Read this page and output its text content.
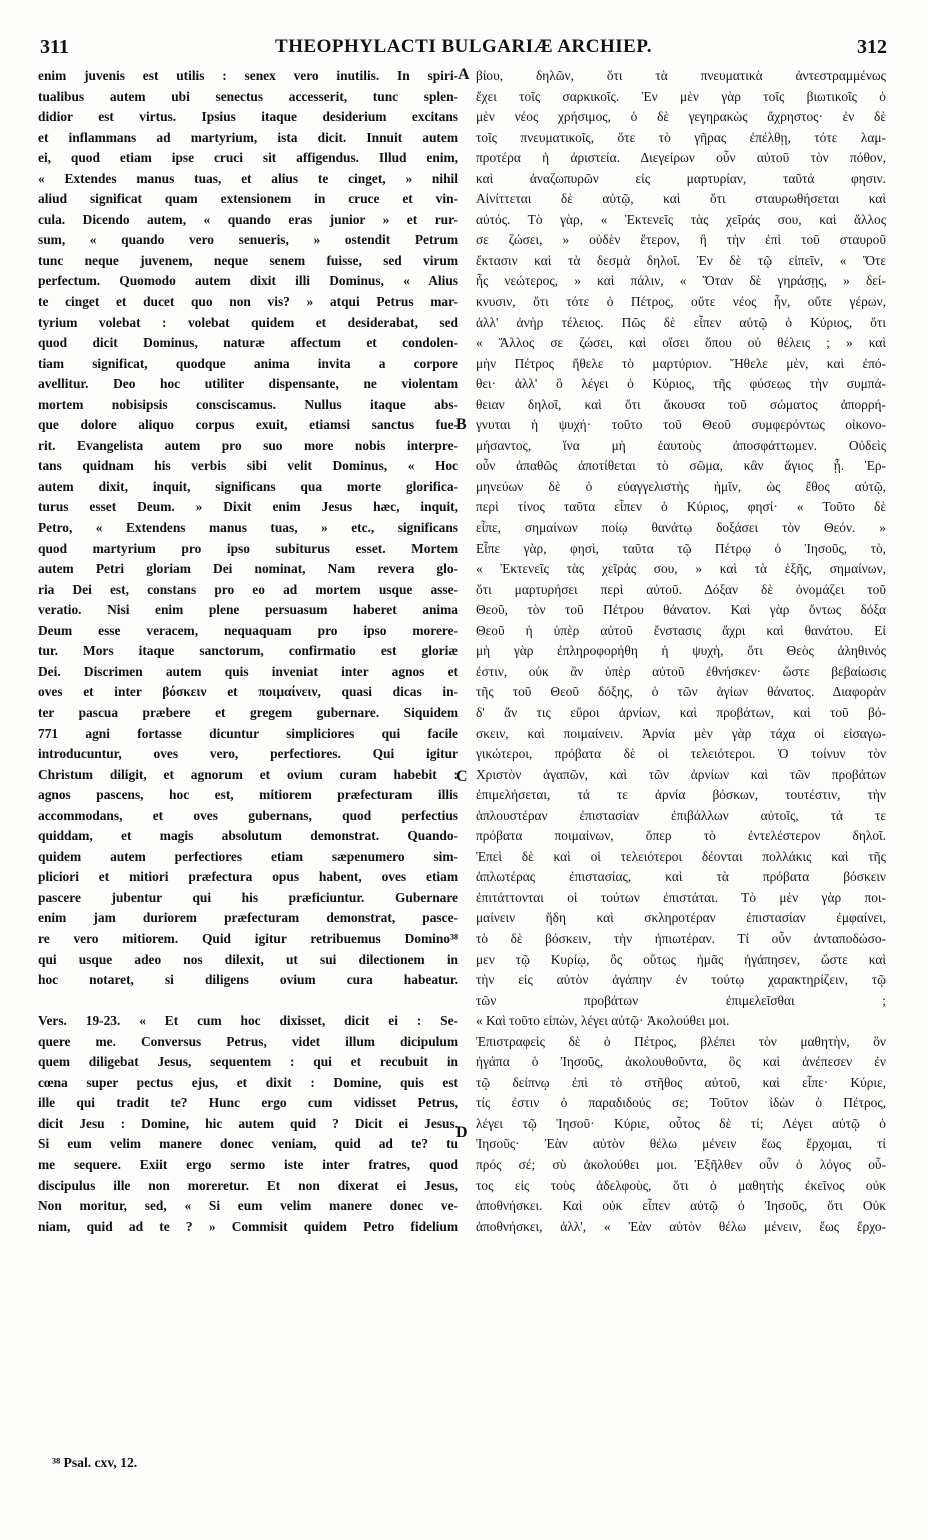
311	THEOPHYLACTI BULGARIÆ ARCHIEP.	312
enim juvenis est utilis : senex vero inutilis. In spiri-
tualibus autem ubi senectus accesserit, tunc splen-
didior est virtus. Ipsius itaque desiderium excitans
et inflammans ad martyrium, ista dicit. Innuit autem
ei, quod etiam ipse cruci sit affigendus. Illud enim,
« Extendes manus tuas, et alius te cinget, » nihil
aliud significat quam extensionem in cruce et vin-
cula. Dicendo autem, « quando eras junior » et rur-
sum, « quando vero senueris, » ostendit Petrum
tunc neque juvenem, neque senem fuisse, sed virum
perfectum. Quomodo autem dixit illi Dominus, « Alius
te cinget et ducet quo non vis? » atqui Petrus mar-
tyrium volebat : volebat quidem et desiderabat, sed
quod dicit Dominus, naturæ affectum et condolen-
tiam significat, quodque anima invita a corpore
avellitur. Deo hoc utiliter dispensante, ne violentam
mortem nobisipsis consciscamus. Nullus itaque abs-
que dolore aliquo corpus exuit, etiamsi sanctus fue-
rit. Evangelista autem pro suo more nobis interpre-
tans quidnam his verbis sibi velit Dominus, « Hoc
autem dixit, inquit, significans qua morte glorifica-
turus esset Deum. » Dixit enim Jesus hæc, inquit,
Petro, « Extendens manus tuas, » etc., significans
quod martyrium pro ipso subiturus esset. Mortem
autem Petri gloriam Dei nominat, Nam revera glo-
ria Dei est, constans pro eo ad mortem usque asse-
veratio. Nisi enim plene persuasum haberet anima
Deum esse veracem, nequaquam pro ipso morere-
tur. Mors itaque sanctorum, confirmatio est gloriæ
Dei. Discrimen autem quis inveniat inter agnos et
oves et inter βόσκειν et ποιμαίνειν, quasi dicas in-
ter pascua præbere et gregem gubernare. Siquidem
771 agni fortasse dicuntur simpliciores qui facile
introducuntur, oves vero, perfectiores. Qui igitur
Christum diligit, et agnorum et ovium curam habebit :
agnos pascens, hoc est, mitiorem præfecturam illis
accommodans, et oves gubernans, quod perfectius
quiddam, et magis absolutum demonstrat. Quando-
quidem autem perfectiores etiam sæpenumero sim-
pliciori et mitiori præfectura opus habent, oves etiam
pascere jubentur qui his præficiuntur. Gubernare
enim jam duriorem præfecturam demonstrat, pasce-
re vero mitiorem. Quid igitur retribuemus Domino³⁸
qui usque adeo nos dilexit, ut sui dilectionem in
hoc notaret, si diligens ovium cura habeatur.
Vers. 19-23. « Et cum hoc dixisset, dicit ei : Se-
quere me. Conversus Petrus, videt illum dicipulum
quem diligebat Jesus, sequentem : qui et recubuit in
cœna super pectus ejus, et dixit : Domine, quis est
ille qui tradit te? Hunc ergo cum vidisset Petrus,
dicit Jesu : Domine, hic autem quid ? Dicit ei Jesus.
Si eum velim manere donec veniam, quid ad te? tu
me sequere. Exiit ergo sermo iste inter fratres, quod
discipulus ille non moreretur. Et non dixerat ei Jesus,
Non moritur, sed, « Si eum velim manere donec ve-
niam, quid ad te ? » Commisit quidem Petro fidelium
βίου, δηλῶν, ὅτι τὰ πνευματικὰ ἀντεστραμμένως
ἔχει τοῖς σαρκικοῖς. Ἐν μὲν γὰρ τοῖς βιωτικοῖς ὁ
μὲν νέος χρήσιμος, ὁ δὲ γεγηρακὼς ἄχρηστος· ἐν δὲ
τοῖς πνευματικοῖς, ὅτε τὸ γῆρας ἐπέλθῃ, τότε λαμ-
προτέρα ἡ ἀριστεία. Διεγείρων οὖν αὐτοῦ τὸν πόθον,
καὶ ἀναζωπυρῶν εἰς μαρτυρίαν, ταῦτά φησιν.
Αἰνίττεται δὲ αὐτῷ, καὶ ὅτι σταυρωθήσεται καὶ
αὐτός. Τὸ γὰρ, « Ἐκτενεῖς τὰς χεῖράς σου, καὶ ἄλλος
σε ζώσει, » οὐδὲν ἕτερον, ἢ τὴν ἐπὶ τοῦ σταυροῦ
ἔκτασιν καὶ τὰ δεσμὰ δηλοῖ. Ἐν δὲ τῷ εἰπεῖν, « Ὅτε
ἦς νεώτερος, » καὶ πάλιν, « Ὅταν δὲ γηράσῃς, » δεί-
κνυσιν, ὅτι τότε ὁ Πέτρος, οὔτε νέος ἦν, οὔτε γέρων,
ἀλλ' ἀνὴρ τέλειος. Πῶς δὲ εἶπεν αὐτῷ ὁ Κύριος, ὅτι
« Ἄλλος σε ζώσει, καὶ οἴσει ὅπου οὐ θέλεις ; » καὶ
μὴν Πέτρος ἤθελε τὸ μαρτύριον. Ἤθελε μὲν, καὶ ἐπό-
θει· ἀλλ' ὃ λέγει ὁ Κύριος, τῆς φύσεως τὴν συμπά-
θειαν δηλοῖ, καὶ ὅτι ἄκουσα τοῦ σώματος ἀπορρή-
γνυται ἡ ψυχή· τοῦτο τοῦ Θεοῦ συμφερόντως οἰκονο-
μήσαντος, ἵνα μὴ ἑαυτοὺς ἀποσφάττωμεν. Οὐδεὶς
οὖν ἀπαθῶς ἀποτίθεται τὸ σῶμα, κἂν ἅγιος ᾖ. Ἑρ-
μηνεύων δὲ ὁ εὐαγγελιστὴς ἡμῖν, ὡς ἔθος αὐτῷ,
περὶ τίνος ταῦτα εἶπεν ὁ Κύριος, φησί· « Τοῦτο δὲ
εἶπε, σημαίνων ποίῳ θανάτῳ δοξάσει τὸν Θεόν. »
Εἶπε γὰρ, φησὶ, ταῦτα τῷ Πέτρῳ ὁ Ἰησοῦς, τὸ,
« Ἐκτενεῖς τὰς χεῖράς σου, » καὶ τὰ ἑξῆς, σημαίνων,
ὅτι μαρτυρήσει περὶ αὐτοῦ. Δόξαν δὲ ὀνομάζει τοῦ
Θεοῦ, τὸν τοῦ Πέτρου θάνατον. Καὶ γὰρ ὄντως δόξα
Θεοῦ ἡ ὑπὲρ αὐτοῦ ἔνστασις ἄχρι καὶ θανάτου. Εἰ
μὴ γὰρ ἐπληροφορήθη ἡ ψυχὴ, ὅτι Θεὸς ἀληθινός
ἐστιν, οὐκ ἂν ὑπὲρ αὐτοῦ ἐθνήσκεν· ὥστε βεβαίωσις
τῆς τοῦ Θεοῦ δόξης, ὁ τῶν ἁγίων θάνατος. Διαφορὰν
δ' ἄν τις εὕροι ἀρνίων, καὶ προβάτων, καὶ τοῦ βό-
σκειν, καὶ ποιμαίνειν. Ἀρνία μὲν γὰρ τάχα οἱ εἰσαγω-
γικώτεροι, πρόβατα δὲ οἱ τελειότεροι. Ὁ τοίνυν τὸν
Χριστὸν ἀγαπῶν, καὶ τῶν ἀρνίων καὶ τῶν προβάτων
ἐπιμελήσεται, τά τε ἀρνία βόσκων, τουτέστιν, τὴν
ἁπλουστέραν ἐπιστασίαν ἐπιβάλλων αὐτοῖς, τά τε
πρόβατα ποιμαίνων, ὅπερ τὸ ἐντελέστερον δηλοῖ.
Ἐπεὶ δὲ καὶ οἱ τελειότεροι δέονται πολλάκις καὶ τῆς
ἁπλωτέρας ἐπιστασίας, καὶ τὰ πρόβατα βόσκειν
ἐπιτάττονται οἱ τούτων ἐπιστάται. Τὸ μὲν γὰρ ποι-
μαίνειν ἤδη καὶ σκληροτέραν ἐπιστασίαν ἐμφαίνει,
τὸ δὲ βόσκειν, τὴν ἠπιωτέραν. Τί οὖν ἀνταποδώσο-
μεν τῷ Κυρίῳ, ὃς οὕτως ἡμᾶς ἠγάπησεν, ὥστε καὶ
τὴν εἰς αὐτὸν ἀγάπην ἐν τούτῳ χαρακτηρίζειν, τῷ
τῶν προβάτων ἐπιμελεῖσθαι ;
« Καὶ τοῦτο εἰπὼν, λέγει αὐτῷ· Ἀκολούθει μοι.
Ἐπιστραφεὶς δὲ ὁ Πέτρος, βλέπει τὸν μαθητὴν, ὃν
ἠγάπα ὁ Ἰησοῦς, ἀκολουθοῦντα, ὃς καὶ ἀνέπεσεν ἐν
τῷ δείπνῳ ἐπὶ τὸ στῆθος αὐτοῦ, καὶ εἶπε· Κύριε,
τίς ἐστιν ὁ παραδιδούς σε; Τοῦτον ἰδὼν ὁ Πέτρος,
λέγει τῷ Ἰησοῦ· Κύριε, οὗτος δὲ τί; Λέγει αὐτῷ ὁ
Ἰησοῦς· Ἐὰν αὐτὸν θέλω μένειν ἕως ἔρχομαι, τί
πρός σέ; σὺ ἀκολούθει μοι. Ἐξῆλθεν οὖν ὁ λόγος οὗ-
τος εἰς τοὺς ἀδελφοὺς, ὅτι ὁ μαθητὴς ἐκεῖνος οὐκ
ἀποθνήσκει. Καὶ οὐκ εἶπεν αὐτῷ ὁ Ἰησοῦς, ὅτι Οὐκ
ἀποθνήσκει, ἀλλ', « Ἐὰν αὐτὸν θέλω μένειν, ἕως ἔρχο-
A
B
C
D
³⁸ Psal. cxv, 12.
